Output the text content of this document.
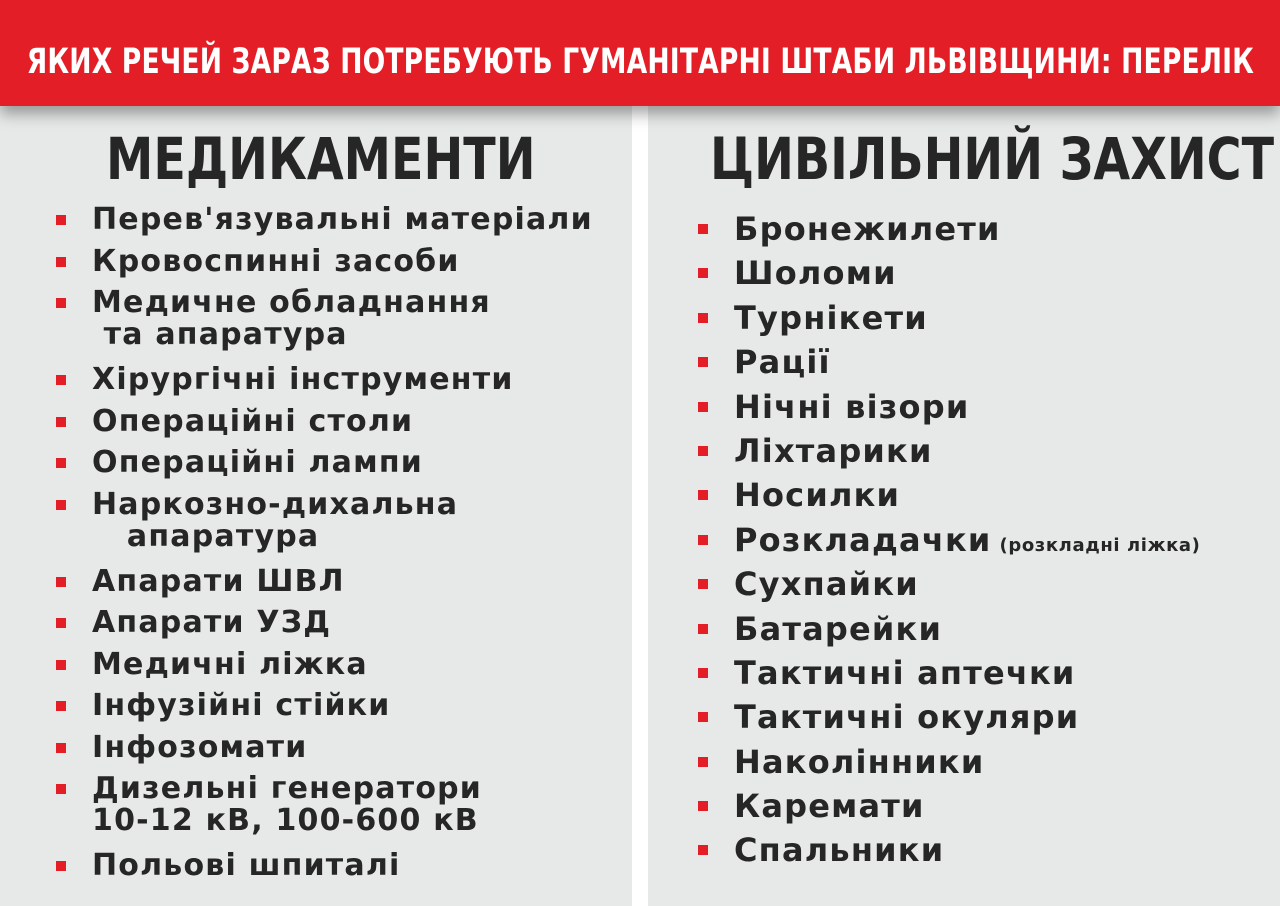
ЯКИХ РЕЧЕЙ ЗАРАЗ ПОТРЕБУЮТЬ ГУМАНІТАРНІ ШТАБИ ЛЬВІВЩИНИ: ПЕРЕЛІК
МЕДИКАМЕНТИ
Перев'язувальні матеріали
Кровоспинні засоби
Медичне обладнання
та апаратура
Хірургічні інструменти
Операційні столи
Операційні лампи
Наркозно-дихальна
апаратура
Апарати ШВЛ
Апарати УЗД
Медичні ліжка
Інфузійні стійки
Інфозомати
Дизельні генератори
10-12 кВ, 100-600 кВ
Польові шпиталі
ЦИВІЛЬНИЙ ЗАХИСТ
Бронежилети
Шоломи
Турнікети
Рації
Нічні візори
Ліхтарики
Носилки
Розкладачки (розкладні ліжка)
Сухпайки
Батарейки
Тактичні аптечки
Тактичні окуляри
Наколінники
Каремати
Спальники
